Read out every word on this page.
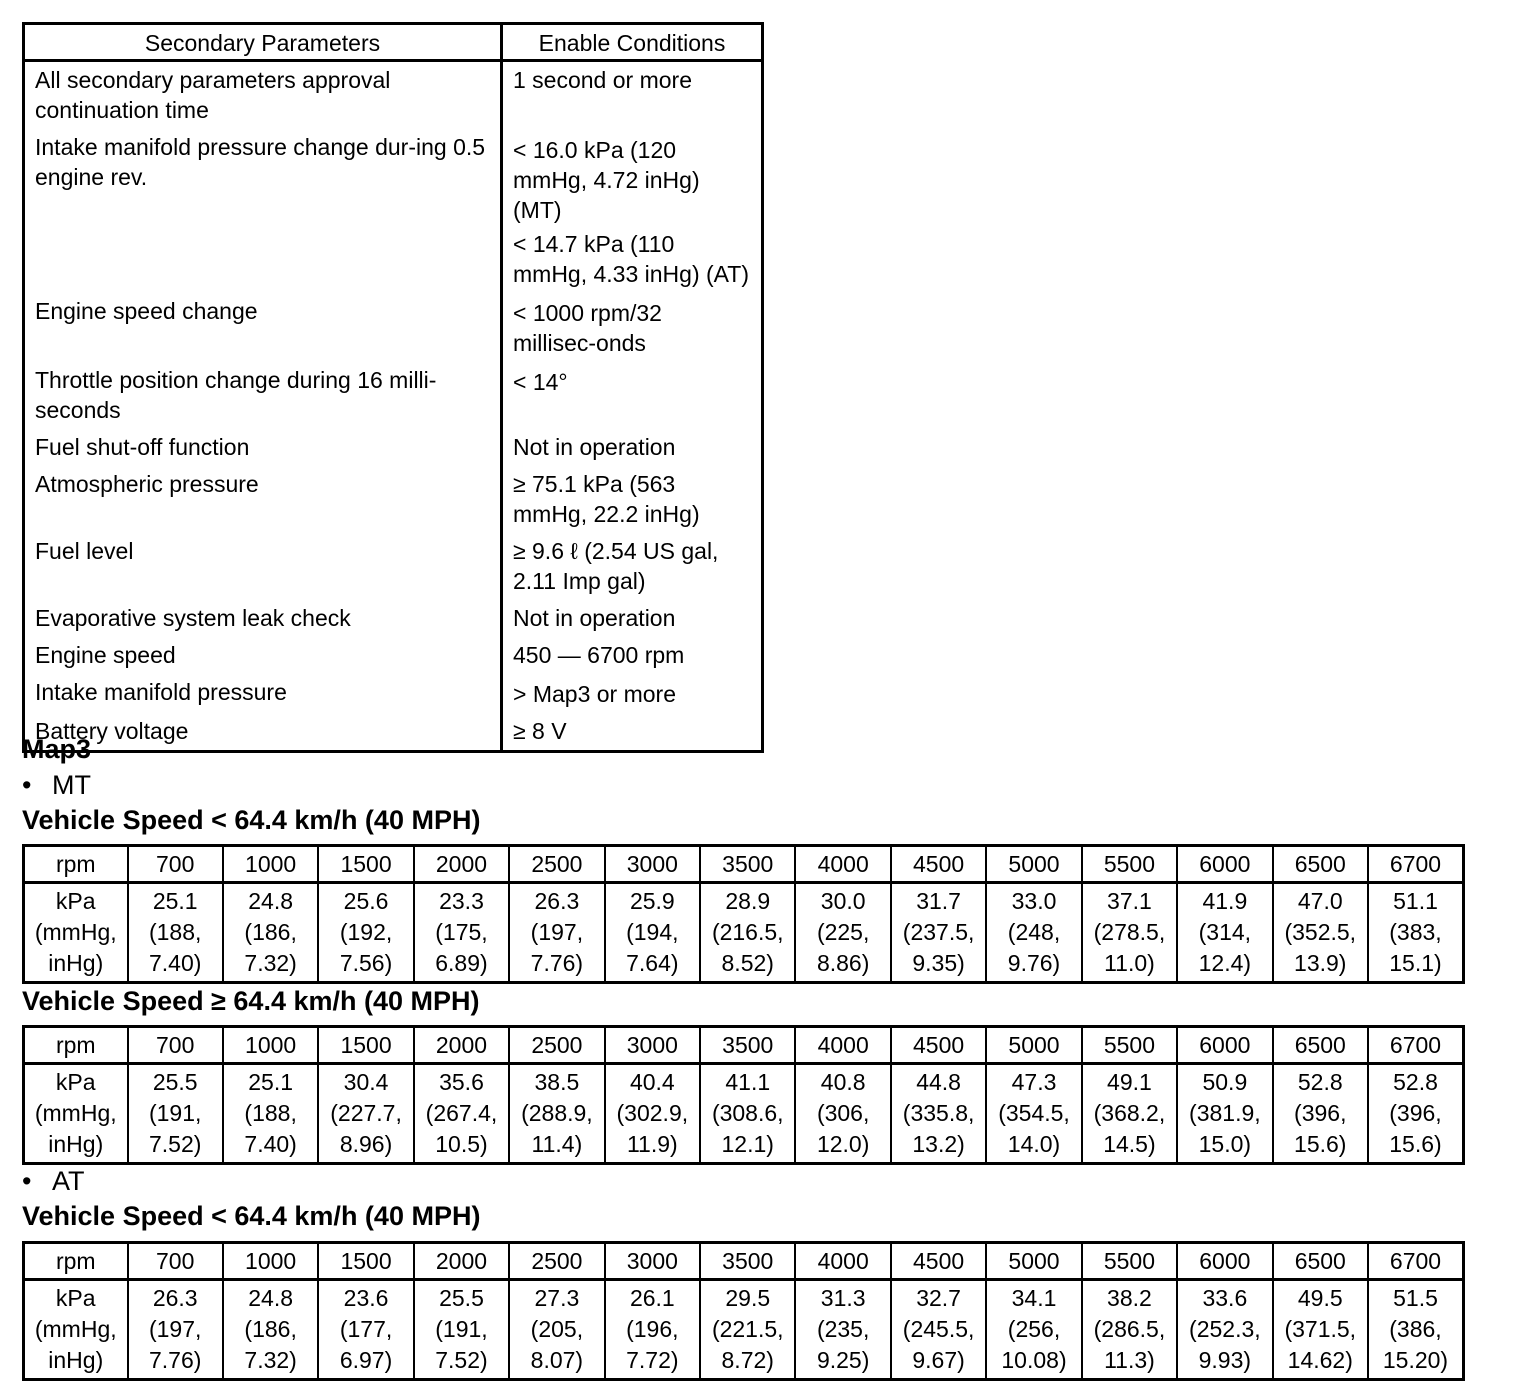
Secondary Parameters	Enable Conditions
All secondary parameters approval continuation time	1 second or more

Intake manifold pressure change dur-ing 0.5 engine rev.	< 16.0 kPa (120 mmHg, 4.72 inHg) (MT)
< 14.7 kPa (110 mmHg, 4.33 inHg) (AT)

Engine speed change	< 1000 rpm/32 millisec-onds

Throttle position change during 16 milli-seconds	< 14°

Fuel shut-off function	Not in operation

Atmospheric pressure	≥ 75.1 kPa (563 mmHg, 22.2 inHg)

Fuel level	≥ 9.6 ℓ (2.54 US gal, 2.11 Imp gal)

Evaporative system leak check	Not in operation

Engine speed	450 — 6700 rpm

Intake manifold pressure	> Map3 or more

Battery voltage	≥ 8 V
Map3
• MT
Vehicle Speed < 64.4 km/h (40 MPH)
rpm	700	1000	1500	2000	2500	3000	3500	4000	4500	5000	5500	6000	6500	6700

kPa
(mmHg,
inHg)	25.1
(188,
7.40)	24.8
(186,
7.32)	25.6
(192,
7.56)	23.3
(175,
6.89)	26.3
(197,
7.76)	25.9
(194,
7.64)	28.9
(216.5,
8.52)	30.0
(225,
8.86)	31.7
(237.5,
9.35)	33.0
(248,
9.76)	37.1
(278.5,
11.0)	41.9
(314,
12.4)	47.0
(352.5,
13.9)	51.1
(383,
15.1)
Vehicle Speed ≥ 64.4 km/h (40 MPH)
rpm	700	1000	1500	2000	2500	3000	3500	4000	4500	5000	5500	6000	6500	6700

kPa
(mmHg,
inHg)	25.5
(191,
7.52)	25.1
(188,
7.40)	30.4
(227.7,
8.96)	35.6
(267.4,
10.5)	38.5
(288.9,
11.4)	40.4
(302.9,
11.9)	41.1
(308.6,
12.1)	40.8
(306,
12.0)	44.8
(335.8,
13.2)	47.3
(354.5,
14.0)	49.1
(368.2,
14.5)	50.9
(381.9,
15.0)	52.8
(396,
15.6)	52.8
(396,
15.6)
• AT
Vehicle Speed < 64.4 km/h (40 MPH)
rpm	700	1000	1500	2000	2500	3000	3500	4000	4500	5000	5500	6000	6500	6700

kPa
(mmHg,
inHg)	26.3
(197,
7.76)	24.8
(186,
7.32)	23.6
(177,
6.97)	25.5
(191,
7.52)	27.3
(205,
8.07)	26.1
(196,
7.72)	29.5
(221.5,
8.72)	31.3
(235,
9.25)	32.7
(245.5,
9.67)	34.1
(256,
10.08)	38.2
(286.5,
11.3)	33.6
(252.3,
9.93)	49.5
(371.5,
14.62)	51.5
(386,
15.20)
